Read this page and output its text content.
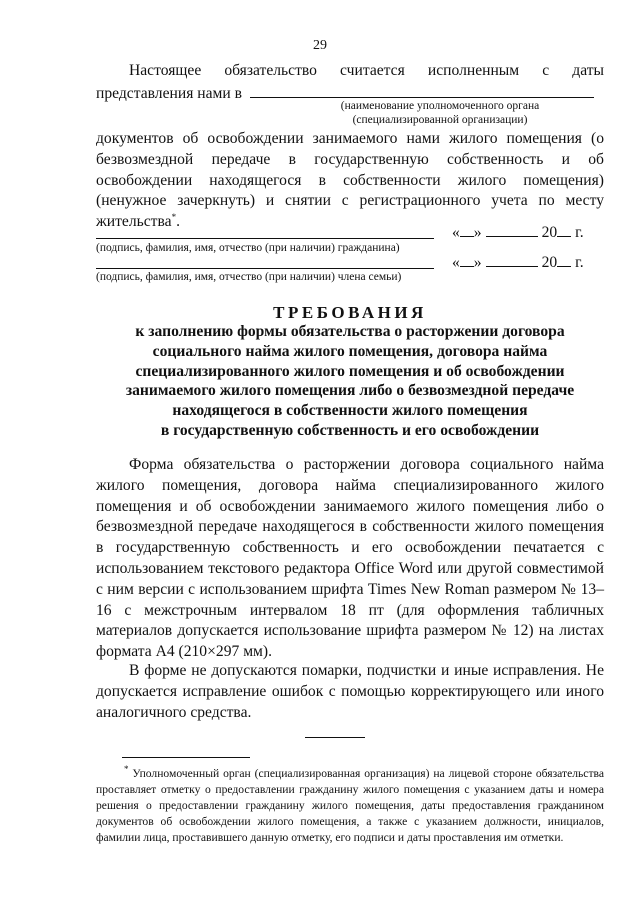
29
Настоящее обязательство считается исполненным с даты
представления нами в
(наименование уполномоченного органа
(специализированной организации)
документов об освобождении занимаемого нами жилого помещения (о безвозмездной передаче в государственную собственность и об освобождении находящегося в собственности жилого помещения) (ненужное зачеркнуть) и снятии с регистрационного учета по месту жительства*.
(подпись, фамилия, имя, отчество (при наличии) гражданина)
« »	20 г.
(подпись, фамилия, имя, отчество (при наличии) члена семьи)
« »	20 г.
ТРЕБОВАНИЯ
к заполнению формы обязательства о расторжении договора
социального найма жилого помещения, договора найма
специализированного жилого помещения и об освобождении
занимаемого жилого помещения либо о безвозмездной передаче
находящегося в собственности жилого помещения
в государственную собственность и его освобождении
Форма обязательства о расторжении договора социального найма жилого помещения, договора найма специализированного жилого помещения и об освобождении занимаемого жилого помещения либо о безвозмездной передаче находящегося в собственности жилого помещения в государственную собственность и его освобождении печатается с использованием текстового редактора Office Word или другой совместимой с ним версии с использованием шрифта Times New Roman размером № 13–16 с межстрочным интервалом 18 пт (для оформления табличных материалов допускается использование шрифта размером № 12) на листах формата А4 (210×297 мм).
В форме не допускаются помарки, подчистки и иные исправления. Не допускается исправление ошибок с помощью корректирующего или иного аналогичного средства.
* Уполномоченный орган (специализированная организация) на лицевой стороне обязательства проставляет отметку о предоставлении гражданину жилого помещения с указанием даты и номера решения о предоставлении гражданину жилого помещения, даты предоставления гражданином документов об освобождении жилого помещения, а также с указанием должности, инициалов, фамилии лица, проставившего данную отметку, его подписи и даты проставления им отметки.
